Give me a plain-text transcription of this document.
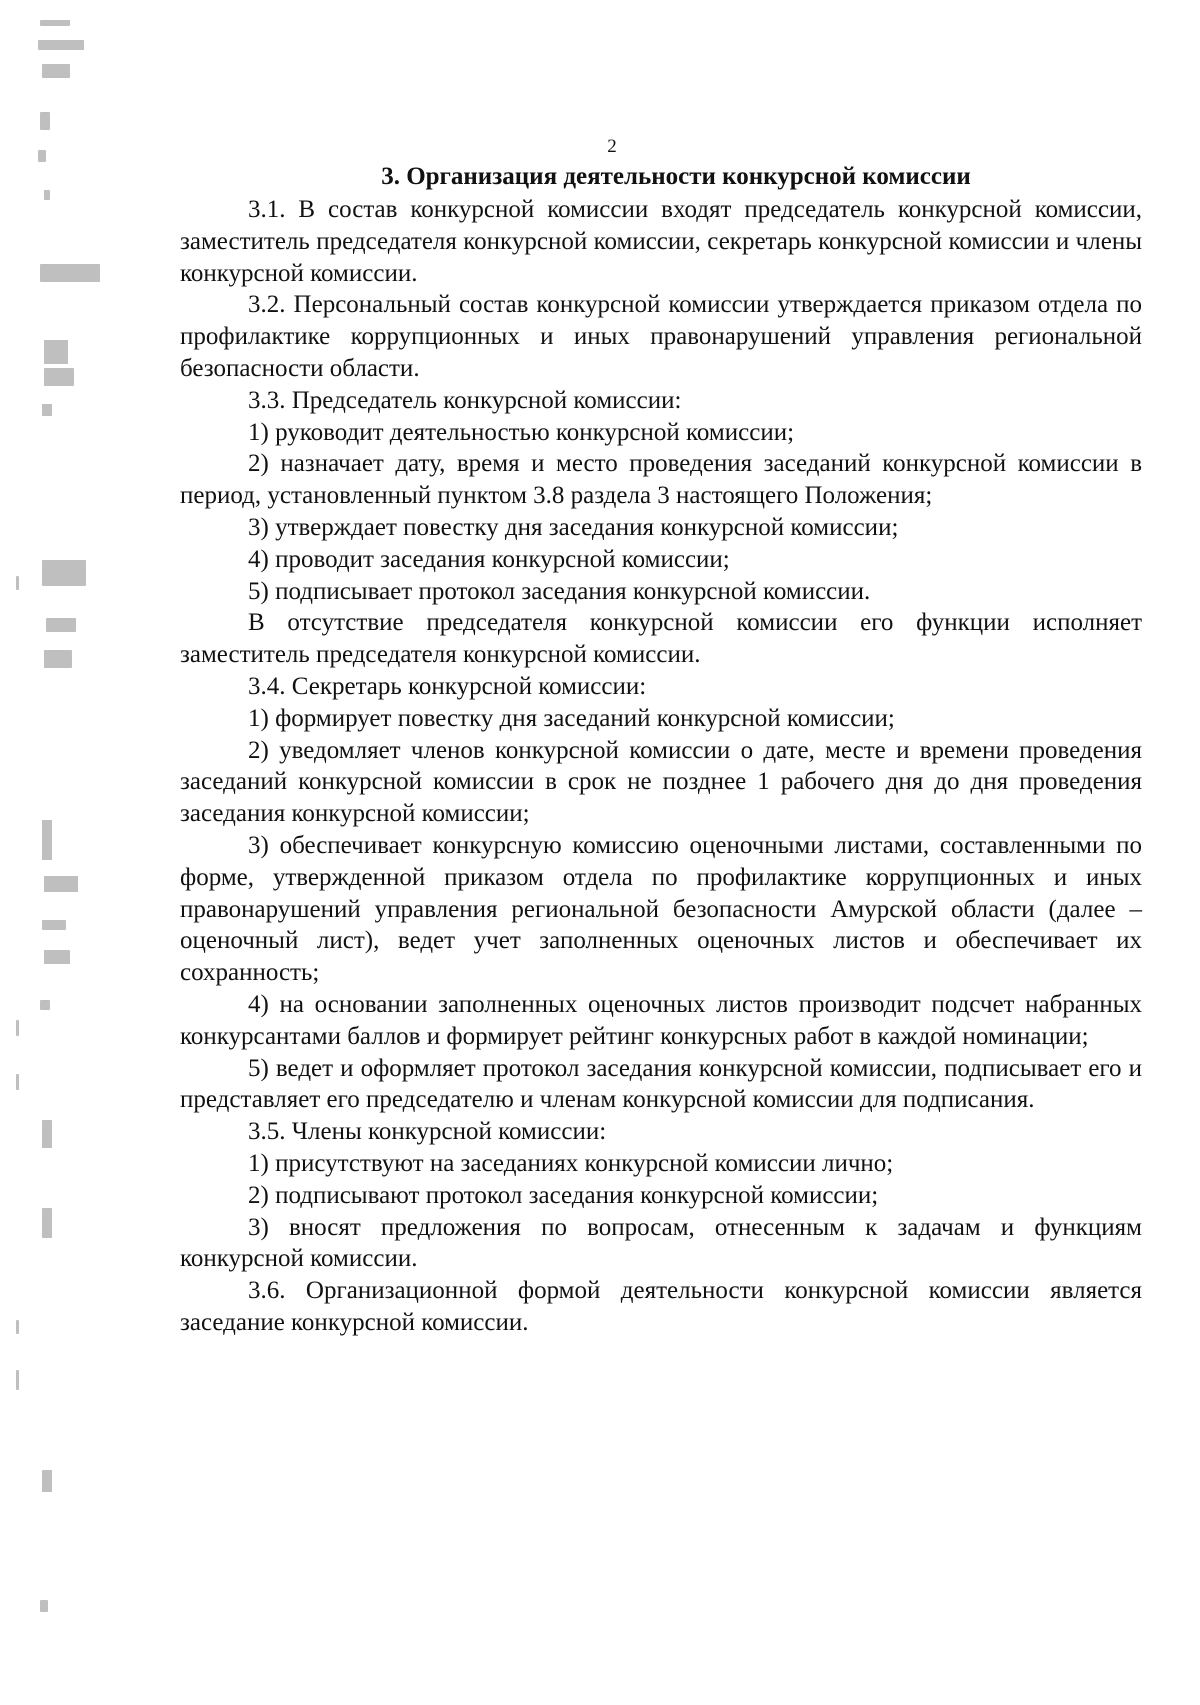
2

3. Организация деятельности конкурсной комиссии

3.1. В состав конкурсной комиссии входят председатель конкурсной комиссии, заместитель председателя конкурсной комиссии, секретарь конкурсной комиссии и члены конкурсной комиссии.

3.2. Персональный состав конкурсной комиссии утверждается приказом отдела по профилактике коррупционных и иных правонарушений управления региональной безопасности области.

3.3. Председатель конкурсной комиссии:

1) руководит деятельностью конкурсной комиссии;

2) назначает дату, время и место проведения заседаний конкурсной комиссии в период, установленный пунктом 3.8 раздела 3 настоящего Положения;

3) утверждает повестку дня заседания конкурсной комиссии;

4) проводит заседания конкурсной комиссии;

5) подписывает протокол заседания конкурсной комиссии.

В отсутствие председателя конкурсной комиссии его функции исполняет заместитель председателя конкурсной комиссии.

3.4. Секретарь конкурсной комиссии:

1) формирует повестку дня заседаний конкурсной комиссии;

2) уведомляет членов конкурсной комиссии о дате, месте и времени проведения заседаний конкурсной комиссии в срок не позднее 1 рабочего дня до дня проведения заседания конкурсной комиссии;

3) обеспечивает конкурсную комиссию оценочными листами, составленными по форме, утвержденной приказом отдела по профилактике коррупционных и иных правонарушений управления региональной безопасности Амурской области (далее – оценочный лист), ведет учет заполненных оценочных листов и обеспечивает их сохранность;

4) на основании заполненных оценочных листов производит подсчет набранных конкурсантами баллов и формирует рейтинг конкурсных работ в каждой номинации;

5) ведет и оформляет протокол заседания конкурсной комиссии, подписывает его и представляет его председателю и членам конкурсной комиссии для подписания.

3.5. Члены конкурсной комиссии:

1) присутствуют на заседаниях конкурсной комиссии лично;

2) подписывают протокол заседания конкурсной комиссии;

3) вносят предложения по вопросам, отнесенным к задачам и функциям конкурсной комиссии.

3.6. Организационной формой деятельности конкурсной комиссии является заседание конкурсной комиссии.
